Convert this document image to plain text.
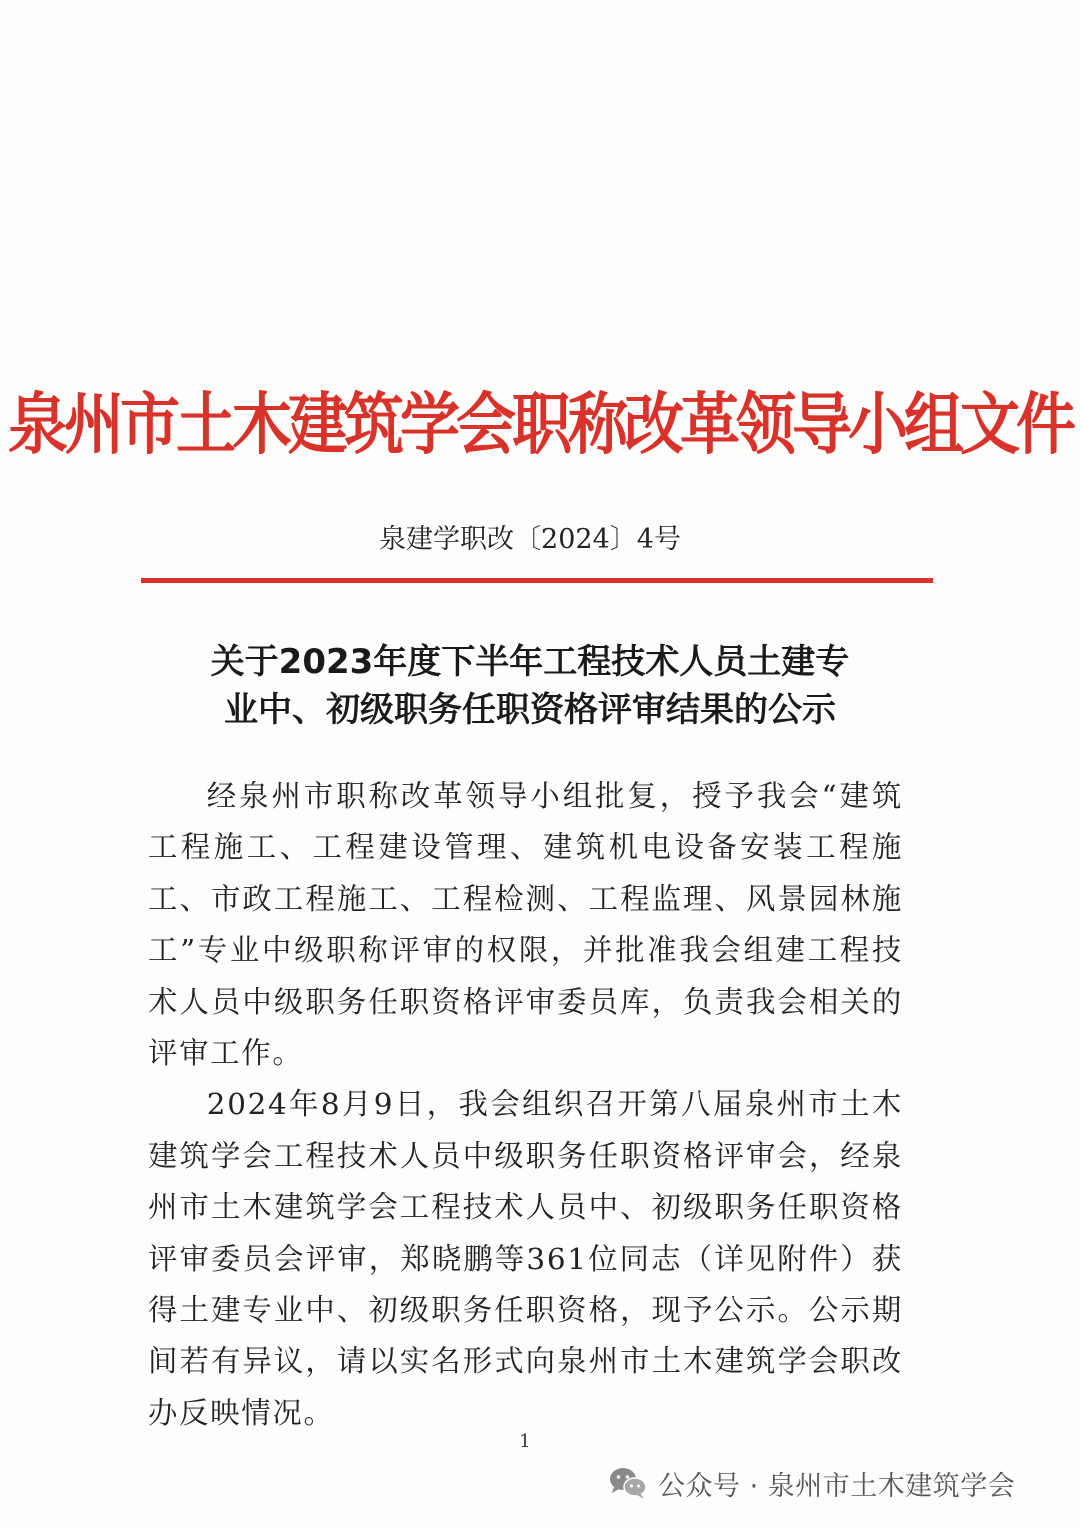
泉州市土木建筑学会职称改革领导小组文件
泉建学职改〔2024〕4号
关于2023年度下半年工程技术人员土建专
业中、初级职务任职资格评审结果的公示

经泉州市职称改革领导小组批复，授予我会“建筑工程施工、工程建设管理、建筑机电设备安装工程施工、市政工程施工、工程检测、工程监理、风景园林施工”专业中级职称评审的权限，并批准我会组建工程技术人员中级职务任职资格评审委员库，负责我会相关的评审工作。

2024年8月9日，我会组织召开第八届泉州市土木建筑学会工程技术人员中级职务任职资格评审会，经泉州市土木建筑学会工程技术人员中、初级职务任职资格评审委员会评审，郑晓鹏等361位同志（详见附件）获得土建专业中、初级职务任职资格，现予公示。公示期间若有异议，请以实名形式向泉州市土木建筑学会职改办反映情况。

1
公众号 · 泉州市土木建筑学会
